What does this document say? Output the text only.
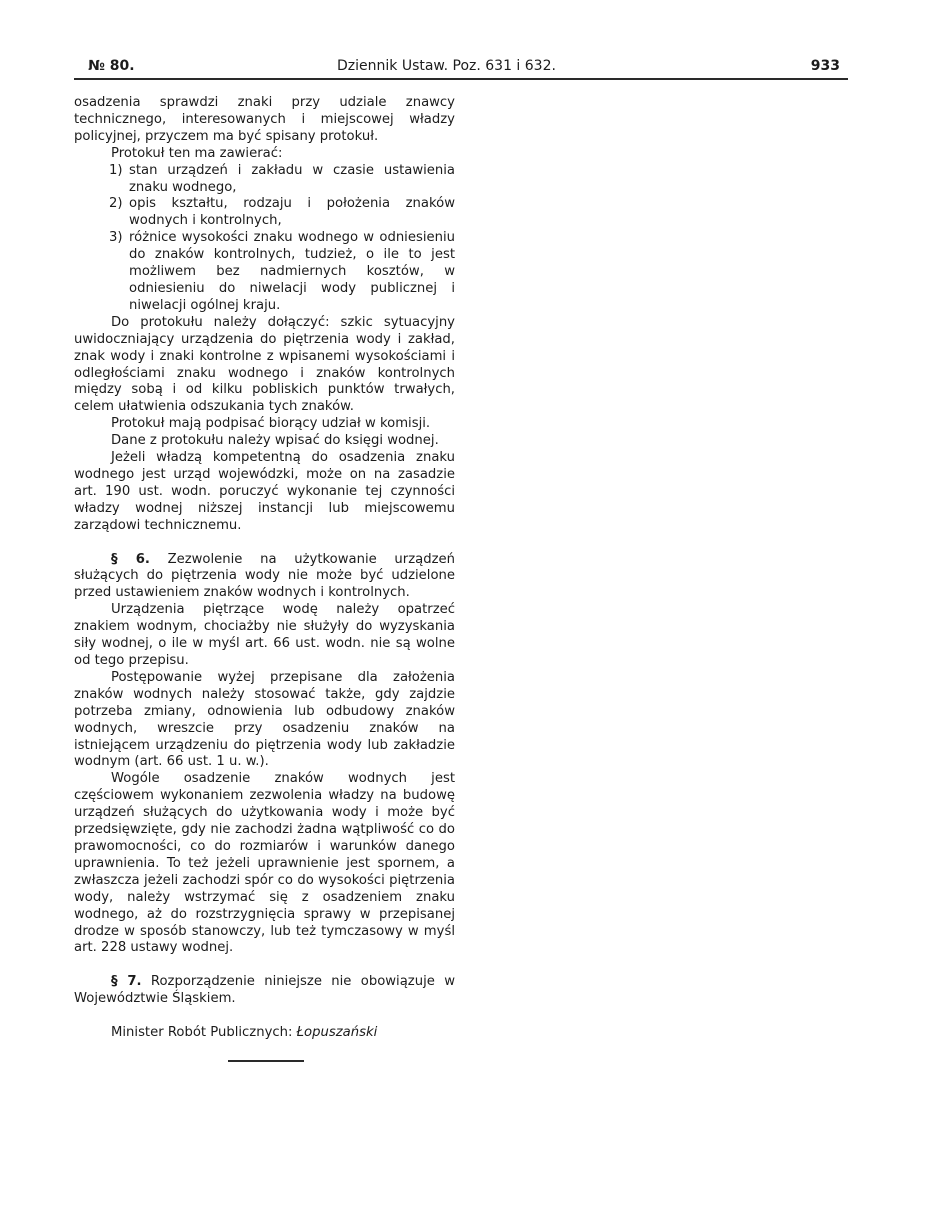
№ 80.	Dziennik Ustaw. Poz. 631 i 632.	933

osadzenia sprawdzi znaki przy udziale znawcy technicznego, interesowanych i miejscowej władzy policyjnej, przyczem ma być spisany protokuł.

Protokuł ten ma zawierać:

1) stan urządzeń i zakładu w czasie ustawienia znaku wodnego,
2) opis kształtu, rodzaju i położenia znaków wodnych i kontrolnych,
3) różnice wysokości znaku wodnego w odniesieniu do znaków kontrolnych, tudzież, o ile to jest możliwem bez nadmiernych kosztów, w odniesieniu do niwelacji wody publicznej i niwelacji ogólnej kraju.

Do protokułu należy dołączyć: szkic sytuacyjny uwidoczniający urządzenia do piętrzenia wody i zakład, znak wody i znaki kontrolne z wpisanemi wysokościami i odległościami znaku wodnego i znaków kontrolnych między sobą i od kilku pobliskich punktów trwałych, celem ułatwienia odszukania tych znaków.

Protokuł mają podpisać biorący udział w komisji.

Dane z protokułu należy wpisać do księgi wodnej.

Jeżeli władzą kompetentną do osadzenia znaku wodnego jest urząd wojewódzki, może on na zasadzie art. 190 ust. wodn. poruczyć wykonanie tej czynności władzy wodnej niższej instancji lub miejscowemu zarządowi technicznemu.

§ 6. Zezwolenie na użytkowanie urządzeń służących do piętrzenia wody nie może być udzielone przed ustawieniem znaków wodnych i kontrolnych.

Urządzenia piętrzące wodę należy opatrzeć znakiem wodnym, chociażby nie służyły do wyzyskania siły wodnej, o ile w myśl art. 66 ust. wodn. nie są wolne od tego przepisu.

Postępowanie wyżej przepisane dla założenia znaków wodnych należy stosować także, gdy zajdzie potrzeba zmiany, odnowienia lub odbudowy znaków wodnych, wreszcie przy osadzeniu znaków na istniejącem urządzeniu do piętrzenia wody lub zakładzie wodnym (art. 66 ust. 1 u. w.).

Wogóle osadzenie znaków wodnych jest częściowem wykonaniem zezwolenia władzy na budowę urządzeń służących do użytkowania wody i może być przedsięwzięte, gdy nie zachodzi żadna wątpliwość co do prawomocności, co do rozmiarów i warunków danego uprawnienia. To też jeżeli uprawnienie jest spornem, a zwłaszcza jeżeli zachodzi spór co do wysokości piętrzenia wody, należy wstrzymać się z osadzeniem znaku wodnego, aż do rozstrzygnięcia sprawy w przepisanej drodze w sposób stanowczy, lub też tymczasowy w myśl art. 228 ustawy wodnej.

§ 7. Rozporządzenie niniejsze nie obowiązuje w Województwie Śląskiem.

Minister Robót Publicznych: Łopuszański
